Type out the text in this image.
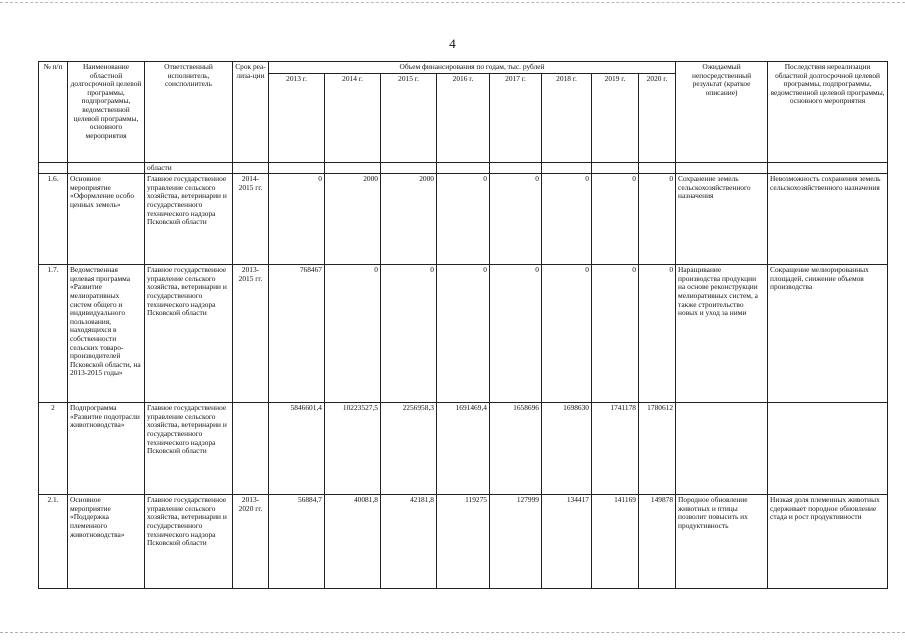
4
№ п/п	Наименование областной долгосрочной целевой программы, подпрограммы, ведомственной целевой программы, основного мероприятия	Ответственный исполнитель, соисполнитель	Срок реа-лиза-ции	Объем финансирования по годам, тыс. рублей								Ожидаемый непосредственный результат (краткое описание)	Последствия нереализации областной долгосрочной целевой программы, подпрограммы, ведомственной целевой программы, основного мероприятия
				2013 г.	2014 г.	2015 г.	2016 г.	2017 г.	2018 г.	2019 г.	2020 г.		
		области											
1.6.	Основное мероприятие «Оформление особо ценных земель»	Главное государственное управление сельского хозяйства, ветеринарии и государственного технического надзора Псковской области	2014-2015 гг.	0	2000	2000	0	0	0	0	0	Сохранение земель сельскохозяйственного назначения	Невозможность сохранения земель сельскохозяйственного назначения
1.7.	Ведомственная целевая программа «Развитие мелиоративных систем общего и индивидуального пользования, находящихся в собственности сельских товаро-производителей Псковской области, на 2013-2015 годы»	Главное государственное управление сельского хозяйства, ветеринарии и государственного технического надзора Псковской области	2013-2015 гг.	768467	0	0	0	0	0	0	0	Наращивание производства продукции на основе реконструкции мелиоративных систем, а также строительство новых и уход за ними	Сокращение мелиорированных площадей, снижение объемов производства
2	Подпрограмма «Развитие подотрасли животноводства»	Главное государственное управление сельского хозяйства, ветеринарии и государственного технического надзора Псковской области		5846601,4	10223527,5	2256958,3	1691469,4	1658696	1698630	1741178	1780612		
2.1.	Основное мероприятие «Поддержка племенного животноводства»	Главное государственное управление сельского хозяйства, ветеринарии и государственного технического надзора Псковской области	2013-2020 гг.	56884,7	40081,8	42181,8	119275	127999	134417	141169	149878	Породное обновление животных и птицы позволит повысить их продуктивность	Низкая доля племенных животных сдерживает породное обновление стада и рост продуктивности
